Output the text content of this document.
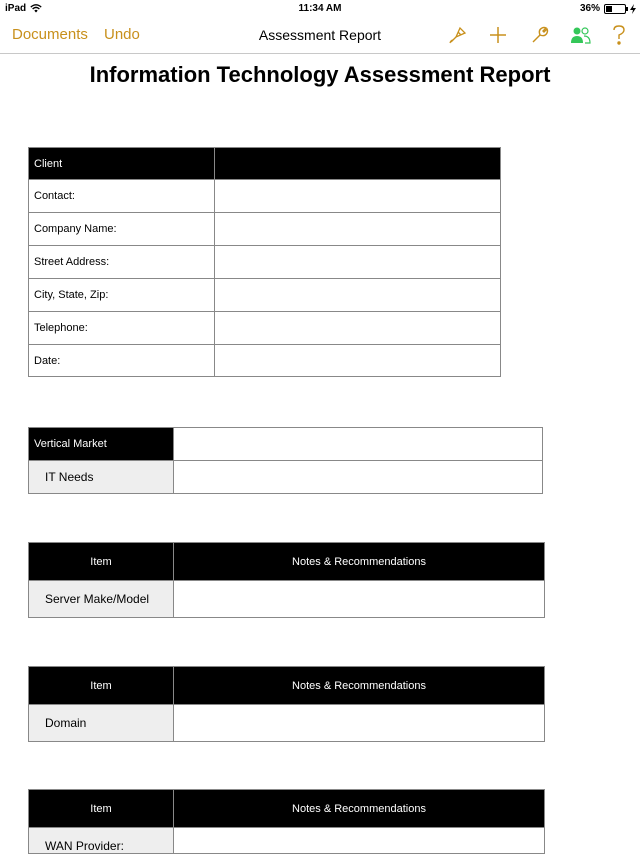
iPad	11:34 AM	36%
Documents Undo	Assessment Report
Information Technology Assessment Report
Client	
Contact:	
Company Name:	
Street Address:	
City, State, Zip:	
Telephone:	
Date:	
Vertical Market	
IT Needs	
Item	Notes & Recommendations
Server Make/Model	
Item	Notes & Recommendations
Domain	
Item	Notes & Recommendations
WAN Provider:	
